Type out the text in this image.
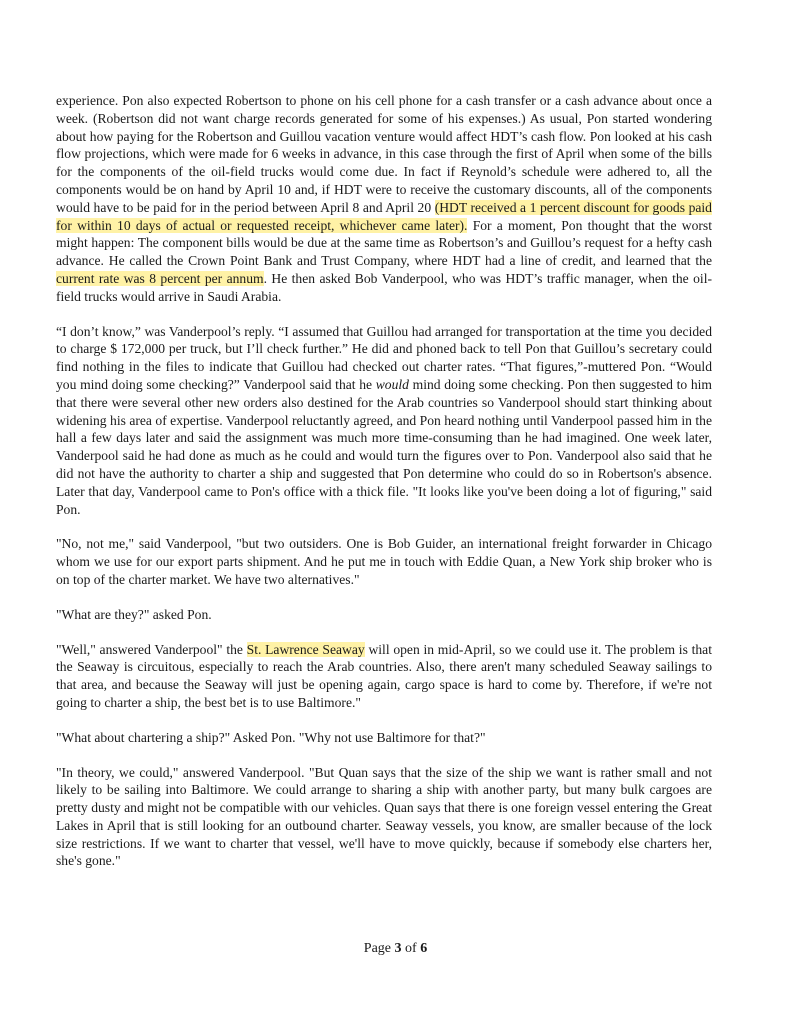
experience. Pon also expected Robertson to phone on his cell phone for a cash transfer or a cash advance about once a week. (Robertson did not want charge records generated for some of his expenses.) As usual, Pon started wondering about how paying for the Robertson and Guillou vacation venture would affect HDT’s cash flow. Pon looked at his cash flow projections, which were made for 6 weeks in advance, in this case through the first of April when some of the bills for the components of the oil-field trucks would come due. In fact if Reynold’s schedule were adhered to, all the components would be on hand by April 10 and, if HDT were to receive the customary discounts, all of the components would have to be paid for in the period between April 8 and April 20 (HDT received a 1 percent discount for goods paid for within 10 days of actual or requested receipt, whichever came later). For a moment, Pon thought that the worst might happen: The component bills would be due at the same time as Robertson’s and Guillou’s request for a hefty cash advance. He called the Crown Point Bank and Trust Company, where HDT had a line of credit, and learned that the current rate was 8 percent per annum. He then asked Bob Vanderpool, who was HDT’s traffic manager, when the oil-field trucks would arrive in Saudi Arabia.

“I don’t know,” was Vanderpool’s reply. “I assumed that Guillou had arranged for transportation at the time you decided to charge $ 172,000 per truck, but I’ll check further.” He did and phoned back to tell Pon that Guillou’s secretary could find nothing in the files to indicate that Guillou had checked out charter rates. “That figures,”-muttered Pon. “Would you mind doing some checking?” Vanderpool said that he would mind doing some checking. Pon then suggested to him that there were several other new orders also destined for the Arab countries so Vanderpool should start thinking about widening his area of expertise. Vanderpool reluctantly agreed, and Pon heard nothing until Vanderpool passed him in the hall a few days later and said the assignment was much more time-consuming than he had imagined. One week later, Vanderpool said he had done as much as he could and would turn the figures over to Pon. Vanderpool also said that he did not have the authority to charter a ship and suggested that Pon determine who could do so in Robertson's absence. Later that day, Vanderpool came to Pon's office with a thick file. "It looks like you've been doing a lot of figuring," said Pon.

"No, not me," said Vanderpool, "but two outsiders. One is Bob Guider, an international freight forwarder in Chicago whom we use for our export parts shipment. And he put me in touch with Eddie Quan, a New York ship broker who is on top of the charter market. We have two alternatives."

"What are they?" asked Pon.

"Well," answered Vanderpool" the St. Lawrence Seaway will open in mid-April, so we could use it. The problem is that the Seaway is circuitous, especially to reach the Arab countries. Also, there aren't many scheduled Seaway sailings to that area, and because the Seaway will just be opening again, cargo space is hard to come by. Therefore, if we're not going to charter a ship, the best bet is to use Baltimore."

"What about chartering a ship?" Asked Pon. "Why not use Baltimore for that?"

"In theory, we could," answered Vanderpool. "But Quan says that the size of the ship we want is rather small and not likely to be sailing into Baltimore. We could arrange to sharing a ship with another party, but many bulk cargoes are pretty dusty and might not be compatible with our vehicles. Quan says that there is one foreign vessel entering the Great Lakes in April that is still looking for an outbound charter. Seaway vessels, you know, are smaller because of the lock size restrictions. If we want to charter that vessel, we'll have to move quickly, because if somebody else charters her, she's gone."

Page 3 of 6
